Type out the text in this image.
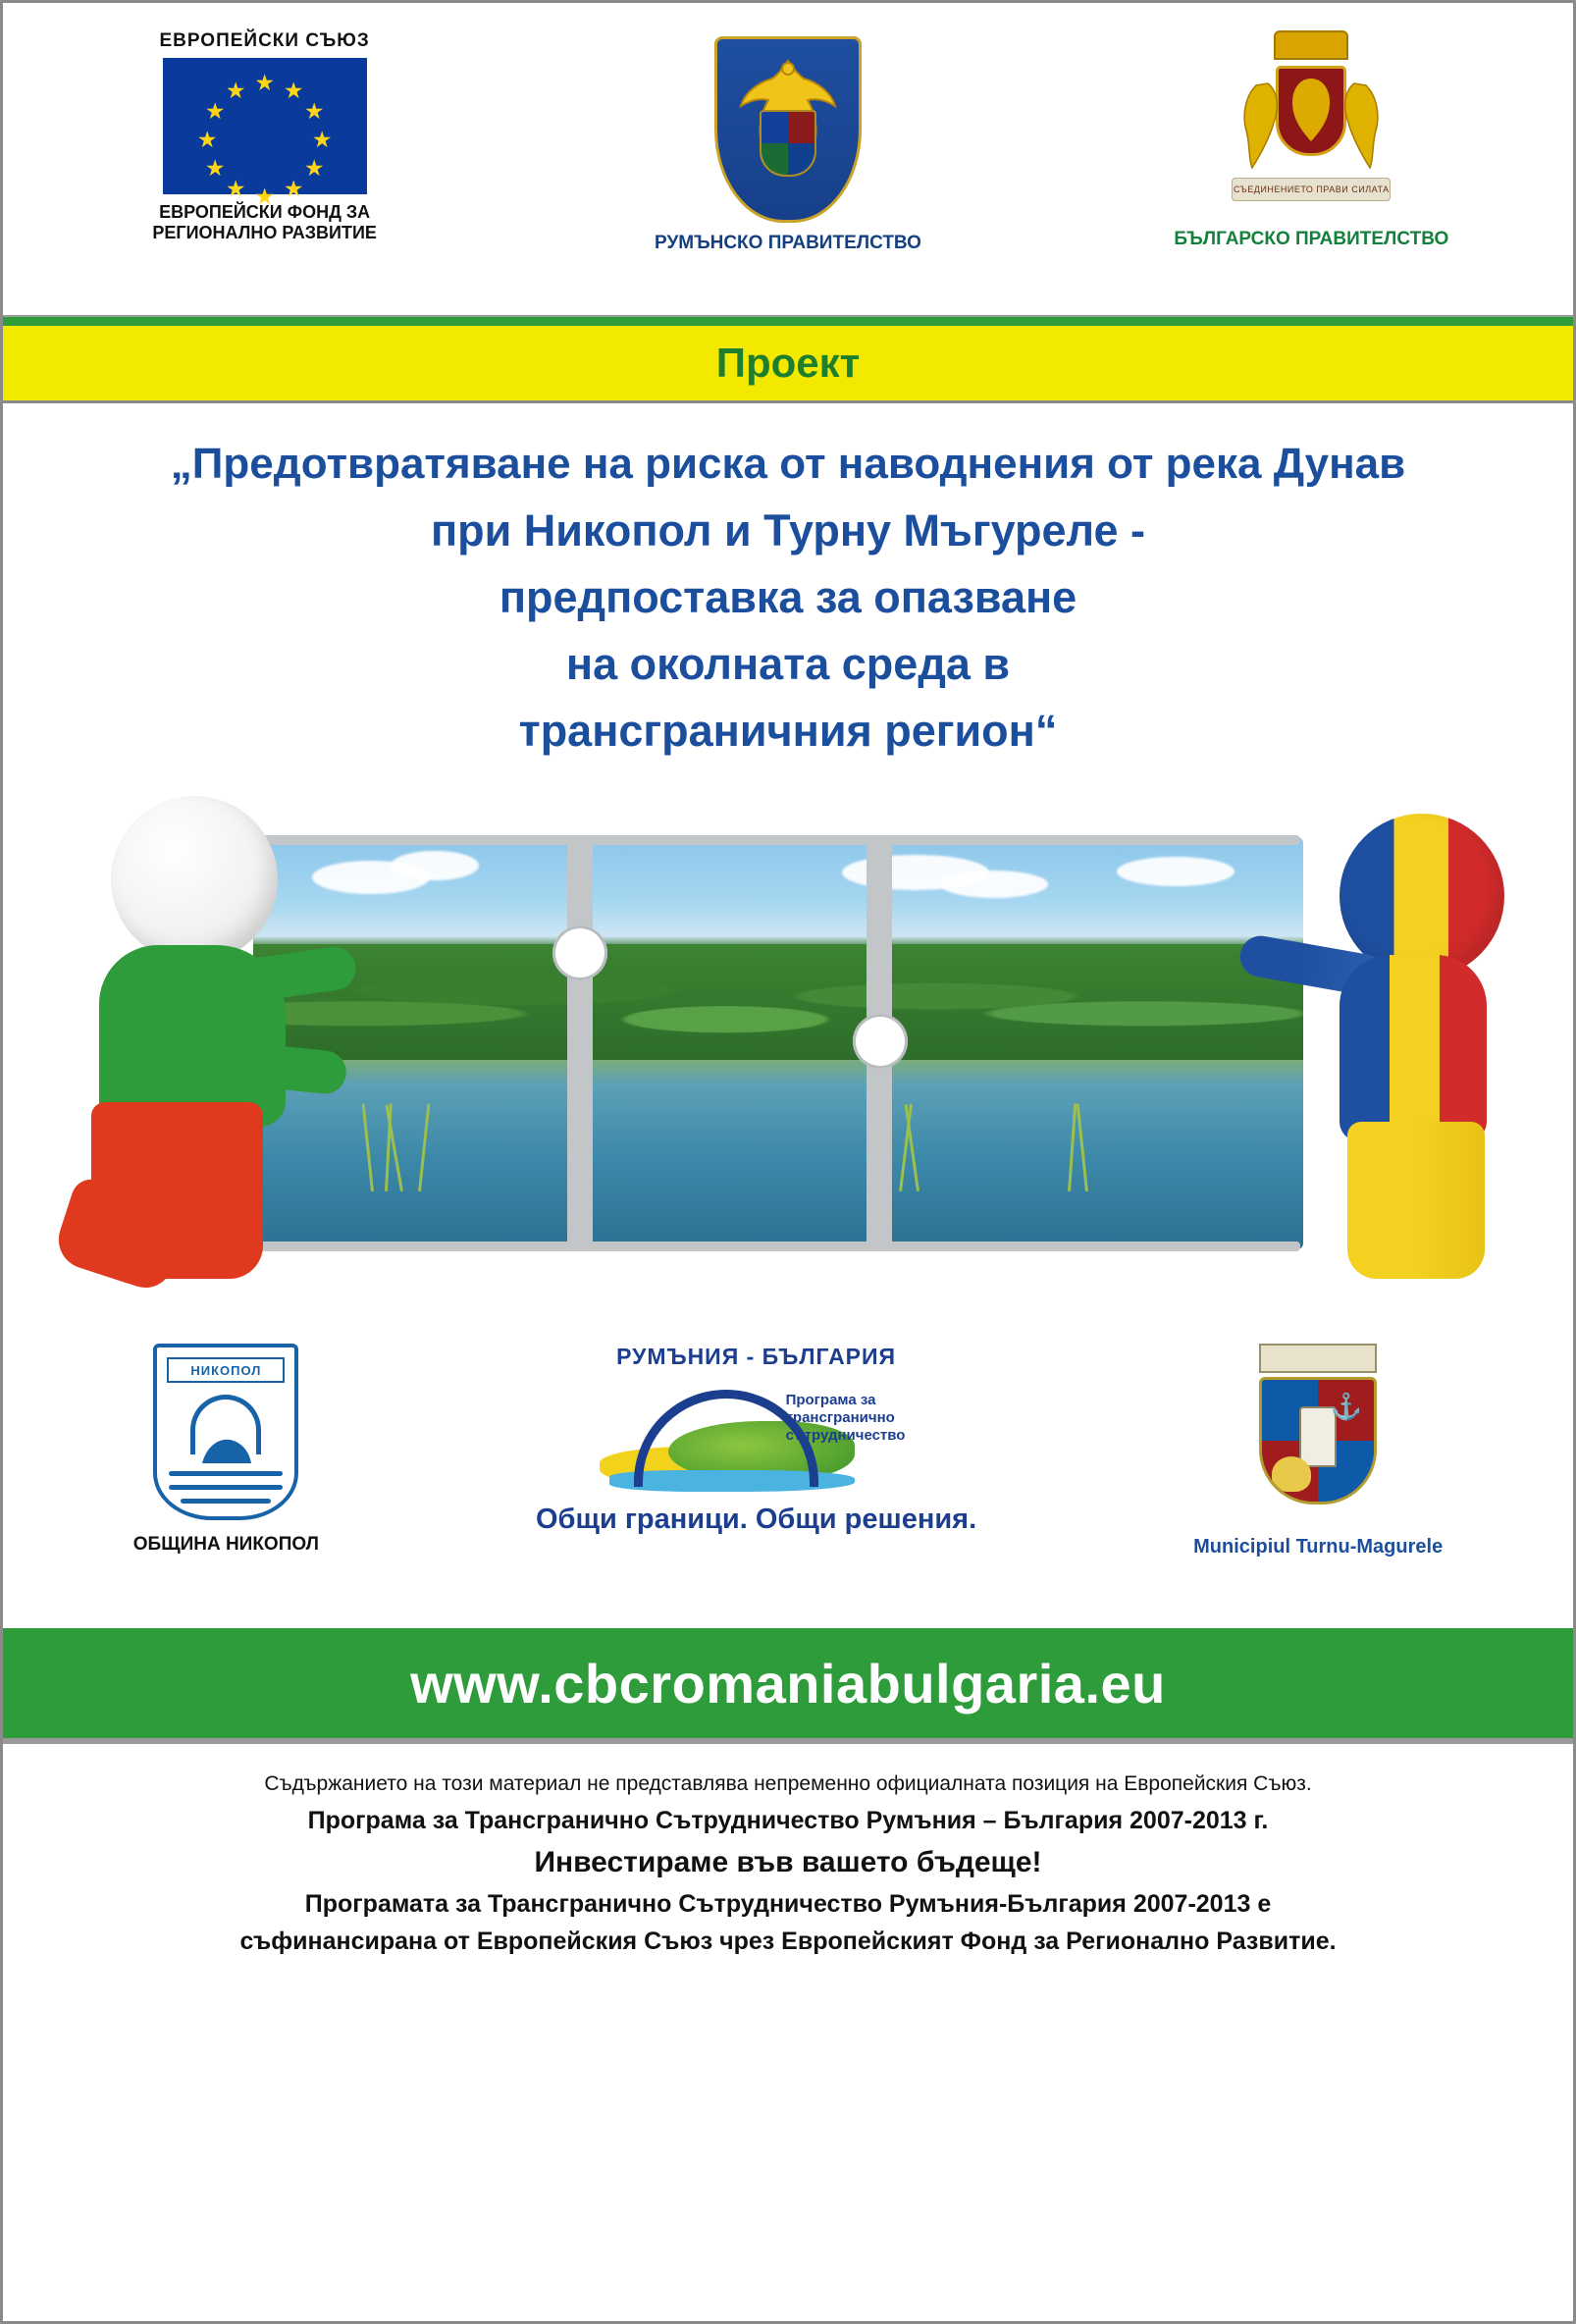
ЕВРОПЕЙСКИ СЪЮЗ
★ ★
★
★
★
★
★
★
★
★
★
★
ЕВРОПЕЙСКИ ФОНД ЗА
РЕГИОНАЛНО РАЗВИТИЕ	РУМЪНСКО ПРАВИТЕЛСТВО
СЪЕДИНЕНИЕТО ПРАВИ СИЛАТА
БЪЛГАРСКО ПРАВИТЕЛСТВО
Проект
„Предотвратяване на риска от наводнения от река Дунав
при Никопол и Турну Мъгуреле -
предпоставка за опазване
на околната среда в
трансграничния регион“
НИКОПОЛ
ОБЩИНА НИКОПОЛ
РУМЪНИЯ - БЪЛГАРИЯ
Програма за
трансгранично
сътрудничество
Общи граници. Общи решения.
⚓
Municipiul Turnu-Magurele
www.cbcromaniabulgaria.eu
Съдържанието на този материал не представлява непременно официалната позиция на Европейския Съюз.
Програма за Трансгранично Сътрудничество Румъния – България 2007-2013 г.
Инвестираме във вашето бъдеще!
Програмата за Трансгранично Сътрудничество Румъния-България 2007-2013 е
съфинансирана от Европейския Съюз чрез Европейският Фонд за Регионално Развитие.
